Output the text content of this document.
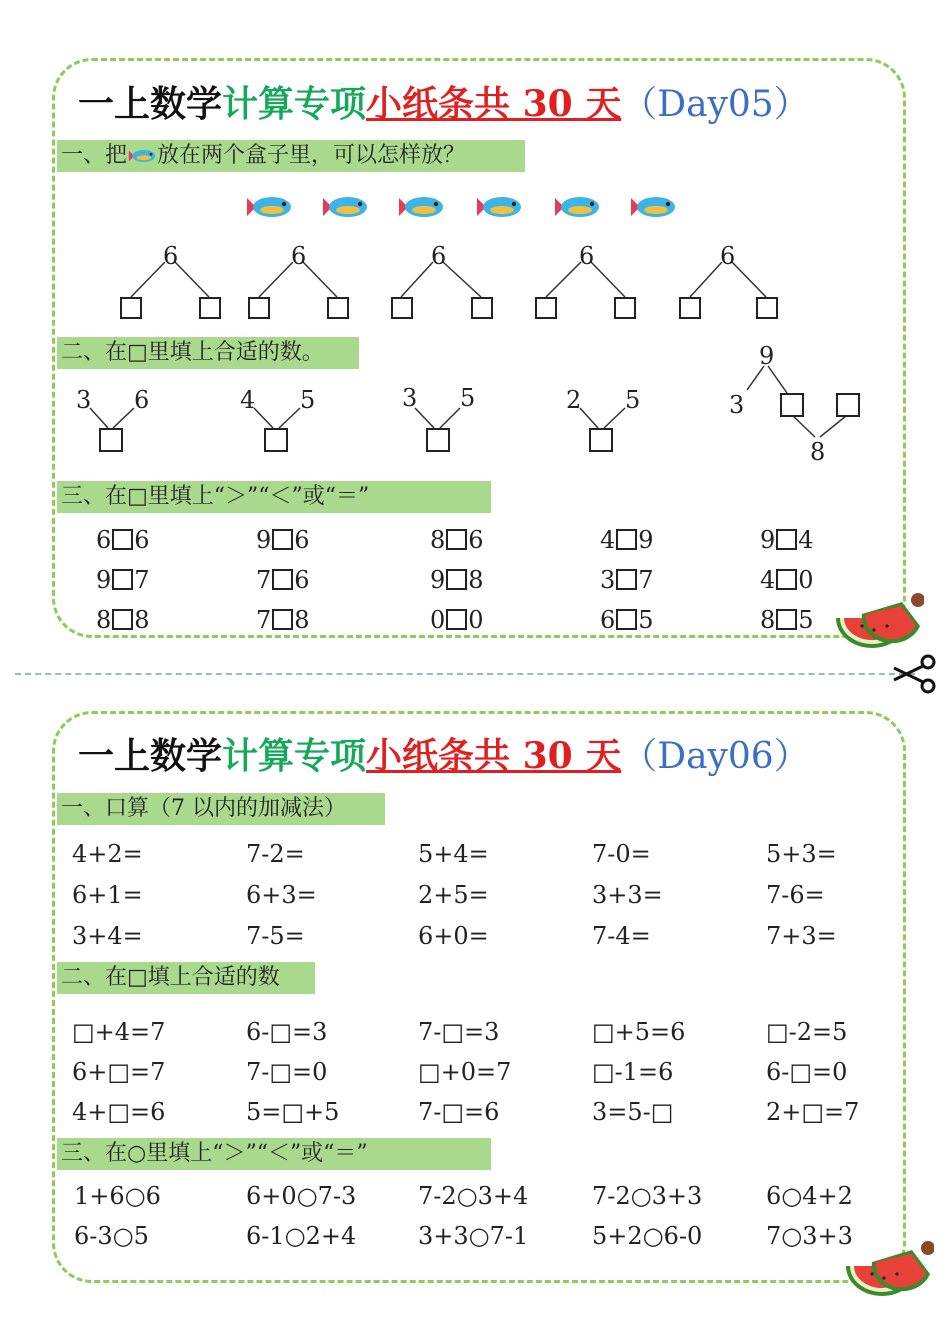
一上数学计算专项小纸条共 30 天（Day05）
一、把 放在两个盒子里，可以怎样放？
6	6	6	6	6
二、在□里填上合适的数。
3 6	4 5	3 5	2 5
9
3
8
三、在□里填上“＞”“＜”或“＝”
6 6	9 6	8 6	4 9	9 4
9 7	7 6	9 8	3 7	4 0
8 8	7 8	0 0	6 5	8 5
一上数学计算专项小纸条共 30 天（Day06）
一、口算（7 以内的加减法）
4+2=	7-2=	5+4=	7-0=	5+3=
6+1=	6+3=	2+5=	3+3=	7-6=
3+4=	7-5=	6+0=	7-4=	7+3=
二、在□填上合适的数
□+4=7	6-□=3	7-□=3	□+5=6	□-2=5
6+□=7	7-□=0	□+0=7	□-1=6	6-□=0
4+□=6	5=□+5	7-□=6	3=5-□	2+□=7
三、在○里填上“＞”“＜”或“＝”
1+6○6	6+0○7-3	7-2○3+4	7-2○3+3	6○4+2
6-3○5	6-1○2+4	3+3○7-1	5+2○6-0	7○3+3
